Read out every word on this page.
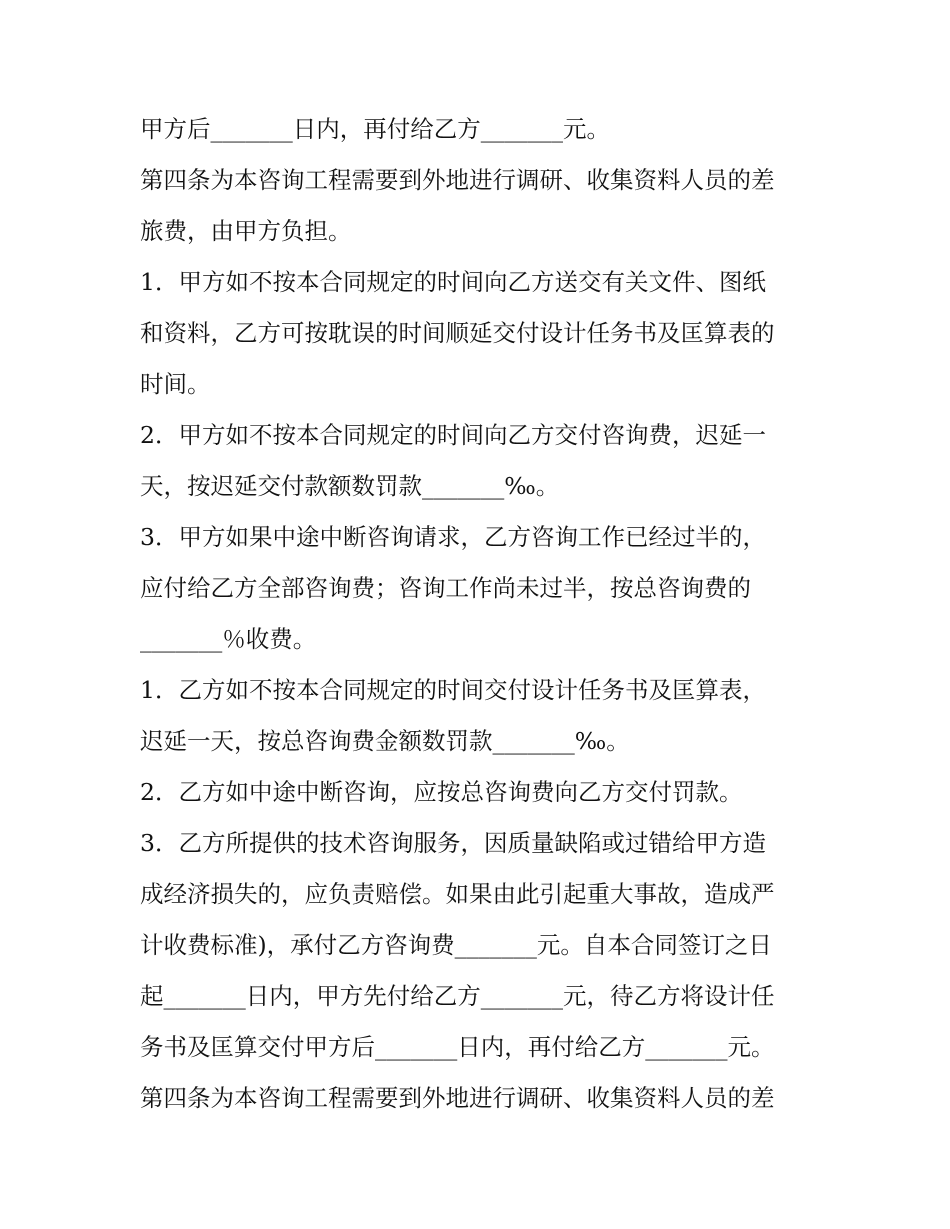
甲方后_______日内，再付给乙方_______元。

第四条为本咨询工程需要到外地进行调研、收集资料人员的差

旅费，由甲方负担。

1．甲方如不按本合同规定的时间向乙方送交有关文件、图纸

和资料，乙方可按耽误的时间顺延交付设计任务书及匡算表的

时间。

2．甲方如不按本合同规定的时间向乙方交付咨询费，迟延一

天，按迟延交付款额数罚款_______‰。

3．甲方如果中途中断咨询请求，乙方咨询工作已经过半的，

应付给乙方全部咨询费；咨询工作尚未过半，按总咨询费的

_______％收费。

1．乙方如不按本合同规定的时间交付设计任务书及匡算表，

迟延一天，按总咨询费金额数罚款_______‰。

2．乙方如中途中断咨询，应按总咨询费向乙方交付罚款。

3．乙方所提供的技术咨询服务，因质量缺陷或过错给甲方造

成经济损失的，应负责赔偿。如果由此引起重大事故，造成严

计收费标准)，承付乙方咨询费_______元。自本合同签订之日

起_______日内，甲方先付给乙方_______元，待乙方将设计任

务书及匡算交付甲方后_______日内，再付给乙方_______元。

第四条为本咨询工程需要到外地进行调研、收集资料人员的差
